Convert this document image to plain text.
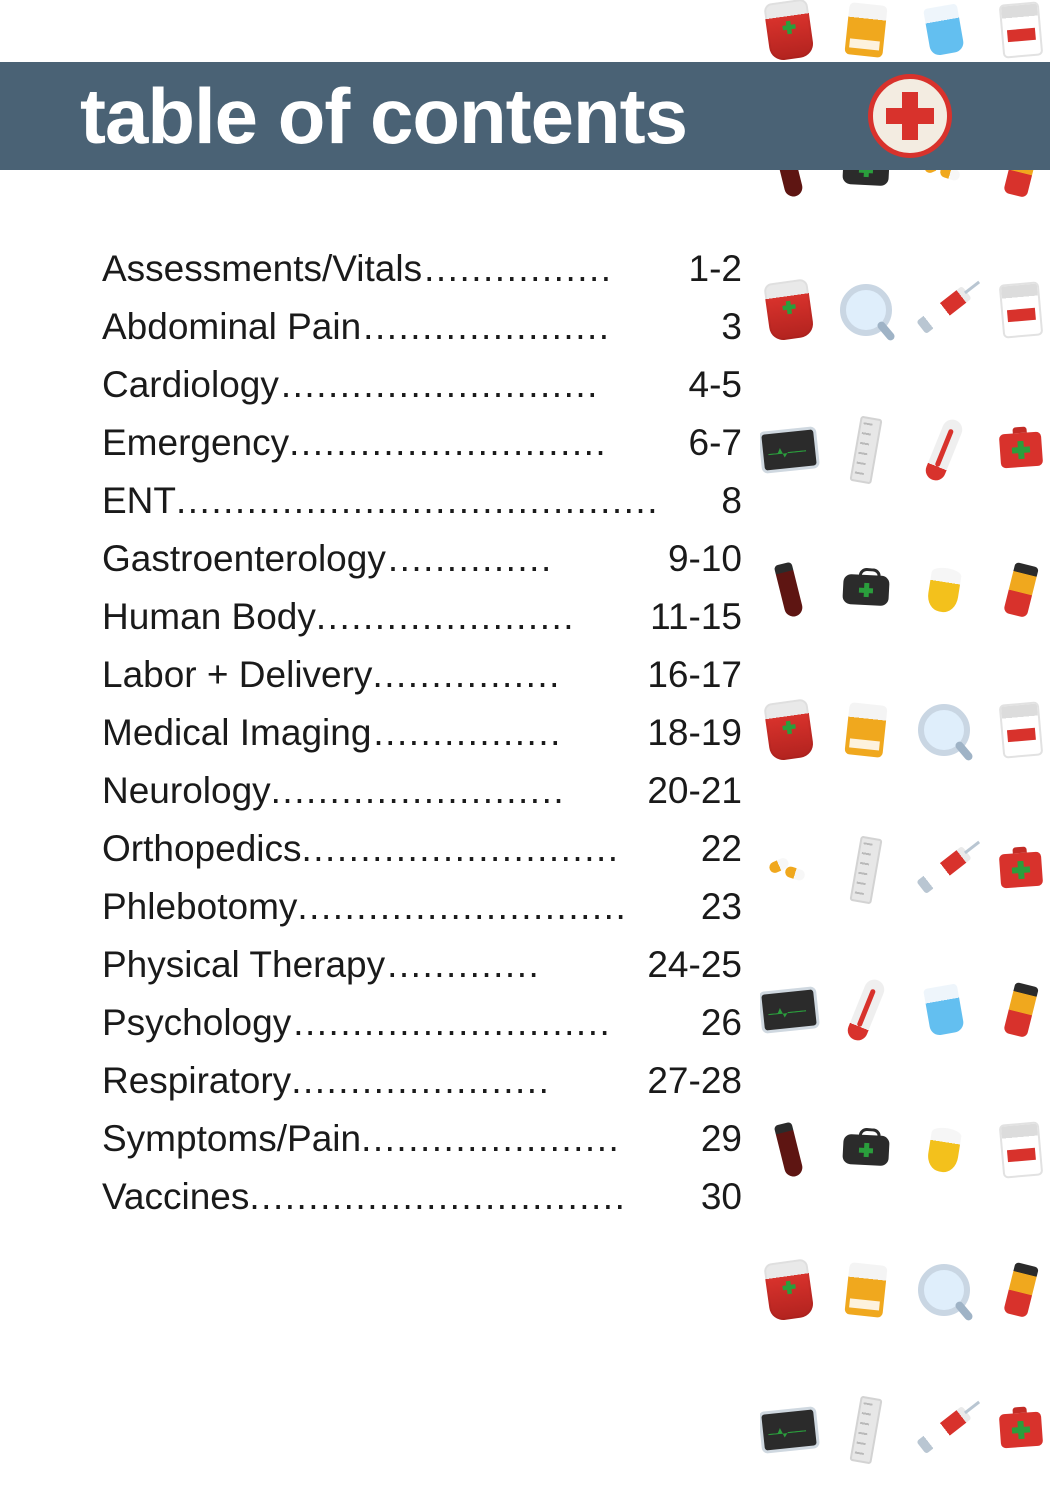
table of contents
Assessments/Vitals ................	1-2
Abdominal Pain .....................	3
Cardiology ...........................	4-5
Emergency ...........................	6-7
ENT .........................................	8
Gastroenterology ..............	9-10
Human Body ......................	11-15
Labor + Delivery ................	16-17
Medical Imaging ................	18-19
Neurology .........................	20-21
Orthopedics ...........................	22
Phlebotomy ............................	23
Physical Therapy .............	24-25
Psychology ...........................	26
Respiratory ......................	27-28
Symptoms/Pain ......................	29
Vaccines ................................	30
